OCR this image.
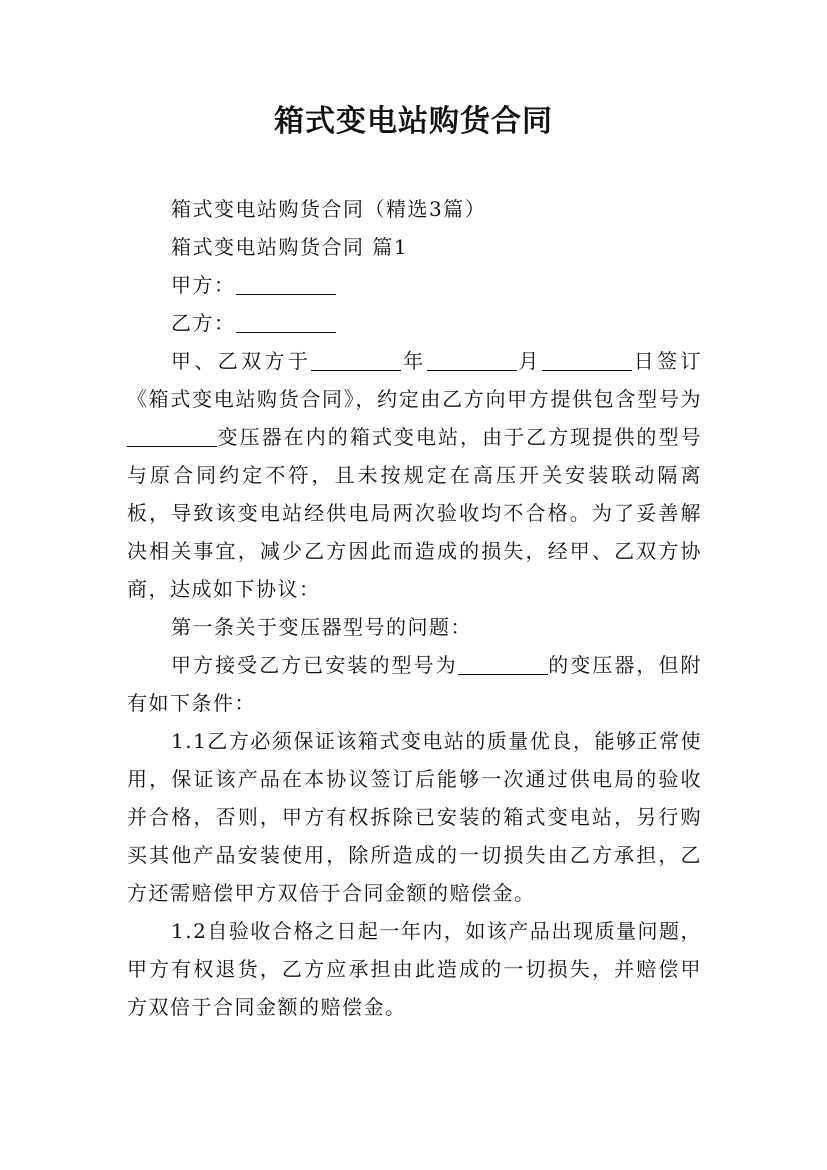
箱式变电站购货合同

箱式变电站购货合同（精选3篇）

箱式变电站购货合同 篇1

甲方：

乙方：

甲、乙双方于	年	月	日签订《箱式变电站购货合同》，约定由乙方向甲方提供包含型号为变压器在内的箱式变电站，由于乙方现提供的型号与原合同约定不符，且未按规定在高压开关安装联动隔离板，导致该变电站经供电局两次验收均不合格。为了妥善解决相关事宜，减少乙方因此而造成的损失，经甲、乙双方协商，达成如下协议：

第一条关于变压器型号的问题：

甲方接受乙方已安装的型号为	的变压器，但附有如下条件：

1.1乙方必须保证该箱式变电站的质量优良，能够正常使用，保证该产品在本协议签订后能够一次通过供电局的验收并合格，否则，甲方有权拆除已安装的箱式变电站，另行购买其他产品安装使用，除所造成的一切损失由乙方承担，乙方还需赔偿甲方双倍于合同金额的赔偿金。

1.2自验收合格之日起一年内，如该产品出现质量问题，甲方有权退货，乙方应承担由此造成的一切损失，并赔偿甲方双倍于合同金额的赔偿金。
